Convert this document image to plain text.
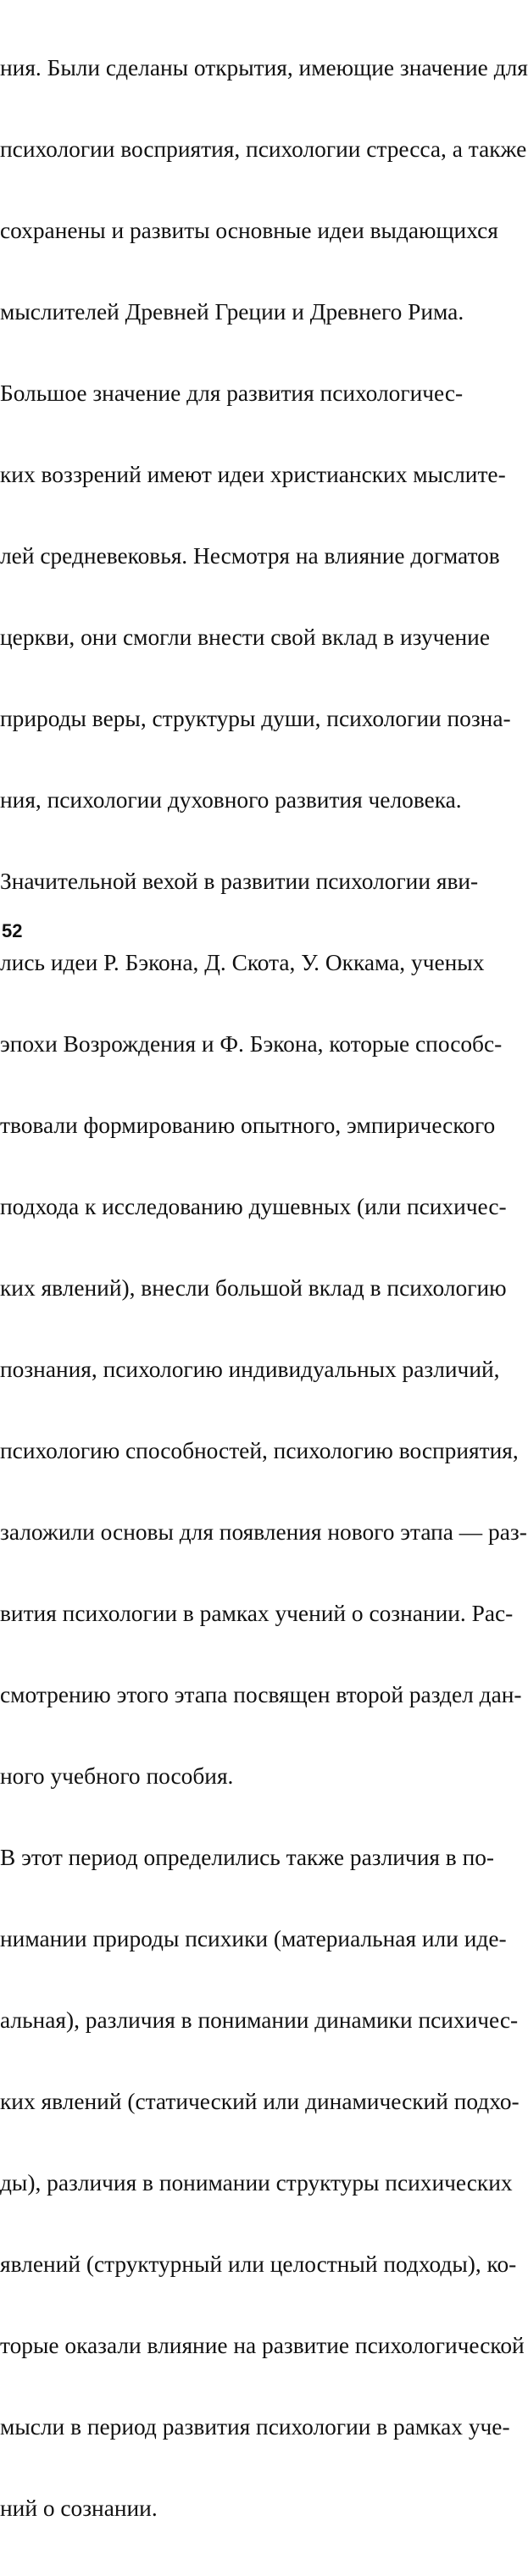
ния. Были сделаны открытия, имеющие значение для

психологии восприятия, психологии стресса, а также

сохранены и развиты основные идеи выдающихся

мыслителей Древней Греции и Древнего Рима.

Большое значение для развития психологичес-

ких воззрений имеют идеи христианских мыслите-

лей средневековья. Несмотря на влияние догматов

церкви, они смогли внести свой вклад в изучение

природы веры, структуры души, психологии позна-

ния, психологии духовного развития человека.

Значительной вехой в развитии психологии яви-

лись идеи Р. Бэкона, Д. Скота, У. Оккама, ученых

эпохи Возрождения и Ф. Бэкона, которые способс-

твовали формированию опытного, эмпирического

подхода к исследованию душевных (или психичес-

ких явлений), внесли большой вклад в психологию

познания, психологию индивидуальных различий,

психологию способностей, психологию восприятия,

заложили основы для появления нового этапа — раз-

вития психологии в рамках учений о сознании. Рас-

смотрению этого этапа посвящен второй раздел дан-

ного учебного пособия.

В этот период определились также различия в по-

нимании природы психики (материальная или иде-

альная), различия в понимании динамики психичес-

ких явлений (статический или динамический подхо-

ды), различия в понимании структуры психических

явлений (структурный или целостный подходы), ко-

торые оказали влияние на развитие психологической

мысли в период развития психологии в рамках уче-

ний о сознании.

52
